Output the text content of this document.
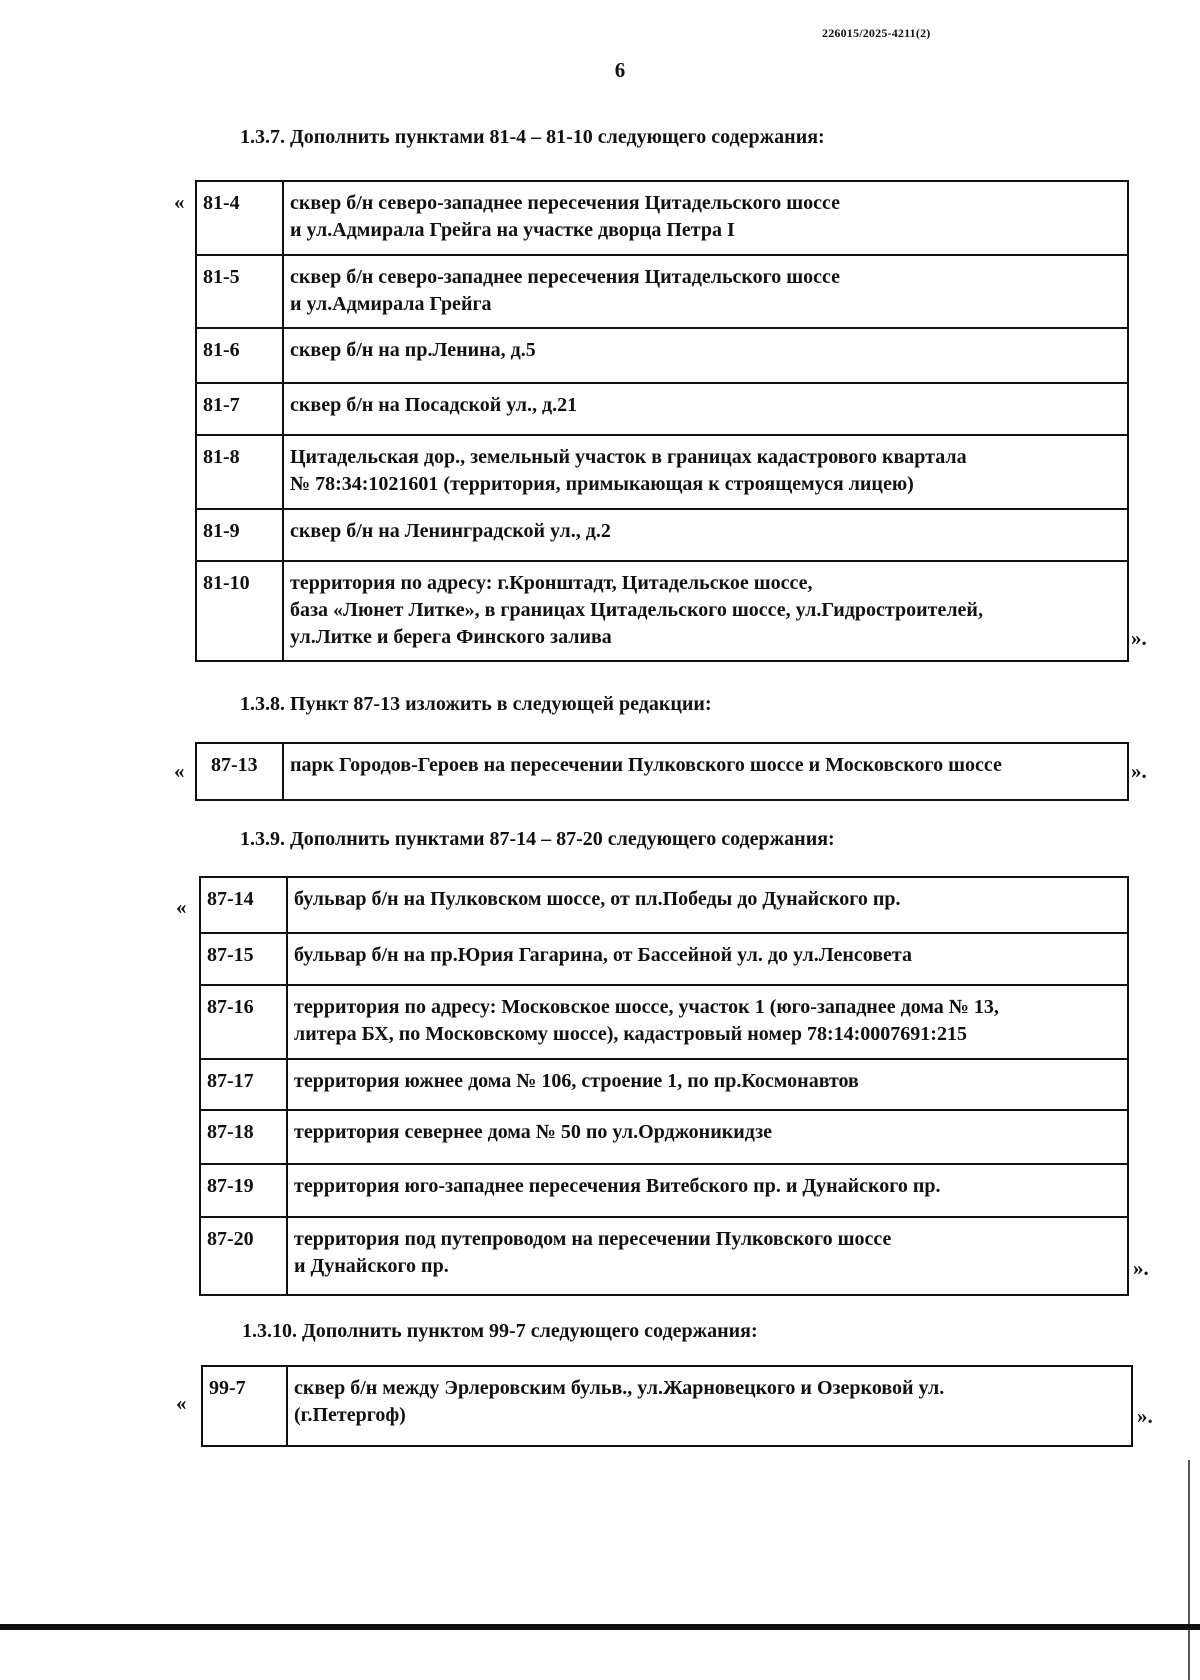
226015/2025-4211(2)
6
1.3.7. Дополнить пунктами 81-4 – 81-10 следующего содержания:
« 81-4	сквер б/н северо-западнее пересечения Цитадельского шоссе
и ул.Адмирала Грейга на участке дворца Петра I
81-5	сквер б/н северо-западнее пересечения Цитадельского шоссе
и ул.Адмирала Грейга
81-6	сквер б/н на пр.Ленина, д.5
81-7	сквер б/н на Посадской ул., д.21
81-8	Цитадельская дор., земельный участок в границах кадастрового квартала
№ 78:34:1021601 (территория, примыкающая к строящемуся лицею)
81-9	сквер б/н на Ленинградской ул., д.2
81-10	территория по адресу: г.Кронштадт, Цитадельское шоссе,
база «Люнет Литке», в границах Цитадельского шоссе, ул.Гидростроителей,
ул.Литке и берега Финского залива	».
1.3.8. Пункт 87-13 изложить в следующей редакции:
« 87-13	парк Городов-Героев на пересечении Пулковского шоссе и Московского шоссе	».
1.3.9. Дополнить пунктами 87-14 – 87-20 следующего содержания:
« 87-14	бульвар б/н на Пулковском шоссе, от пл.Победы до Дунайского пр.
87-15	бульвар б/н на пр.Юрия Гагарина, от Бассейной ул. до ул.Ленсовета
87-16	территория по адресу: Московское шоссе, участок 1 (юго-западнее дома № 13,
литера БХ, по Московскому шоссе), кадастровый номер 78:14:0007691:215
87-17	территория южнее дома № 106, строение 1, по пр.Космонавтов
87-18	территория севернее дома № 50 по ул.Орджоникидзе
87-19	территория юго-западнее пересечения Витебского пр. и Дунайского пр.
87-20	территория под путепроводом на пересечении Пулковского шоссе
и Дунайского пр.	».
1.3.10. Дополнить пунктом 99-7 следующего содержания:
«
99-7	сквер б/н между Эрлеровским бульв., ул.Жарновецкого и Озерковой ул.
(г.Петергоф)	».
